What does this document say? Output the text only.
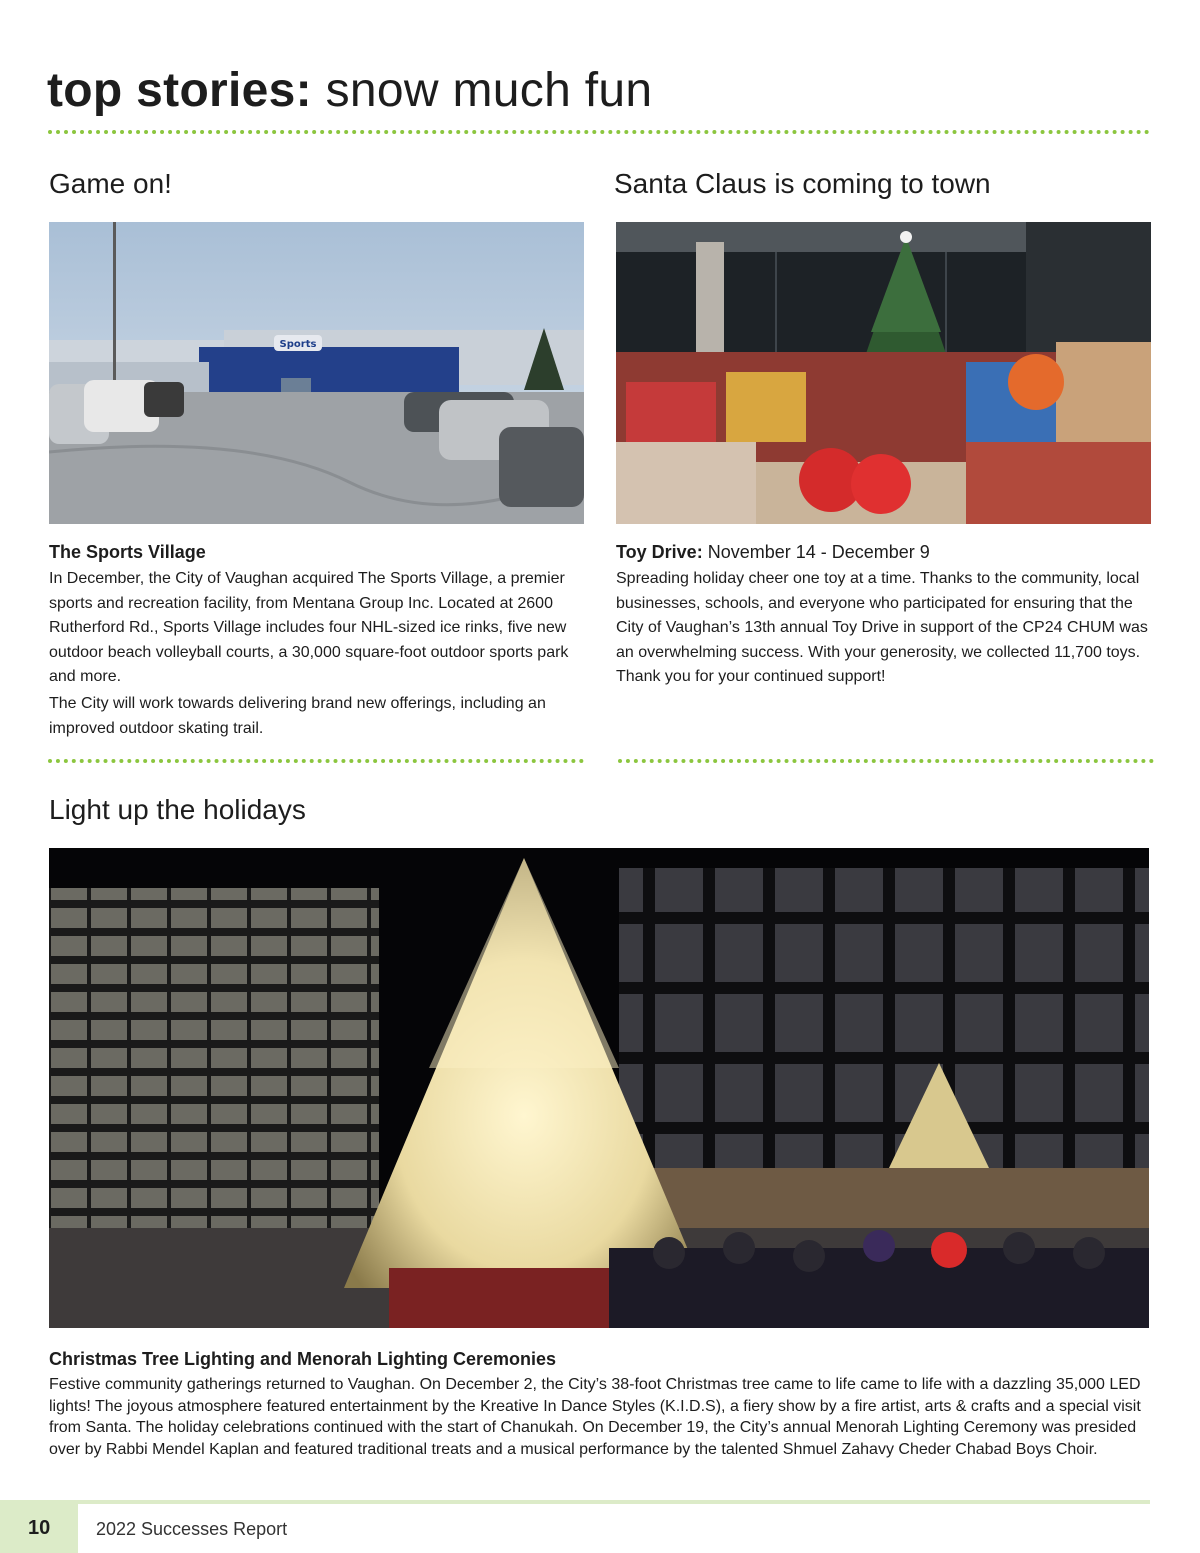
top stories: snow much fun
Game on!
Sports
The Sports Village

In December, the City of Vaughan acquired The Sports Village, a premier sports and recreation facility, from Mentana Group Inc. Located at 2600 Rutherford Rd., Sports Village includes four NHL-sized ice rinks, five new outdoor beach volleyball courts, a 30,000 square-foot outdoor sports park and more.

The City will work towards delivering brand new offerings, including an improved outdoor skating trail.

Santa Claus is coming to town
Toy Drive: November 14 - December 9

Spreading holiday cheer one toy at a time. Thanks to the community, local businesses, schools, and everyone who participated for ensuring that the City of Vaughan’s 13th annual Toy Drive in support of the CP24 CHUM was an overwhelming success. With your generosity, we collected 11,700 toys. Thank you for your continued support!

Light up the holidays
Christmas Tree Lighting and Menorah Lighting Ceremonies

Festive community gatherings returned to Vaughan. On December 2, the City’s 38-foot Christmas tree came to life came to life with a dazzling 35,000 LED lights! The joyous atmosphere featured entertainment by the Kreative In Dance Styles (K.I.D.S), a fiery show by a fire artist, arts & crafts and a special visit from Santa. The holiday celebrations continued with the start of Chanukah. On December 19, the City’s annual Menorah Lighting Ceremony was presided over by Rabbi Mendel Kaplan and featured traditional treats and a musical performance by the talented Shmuel Zahavy Cheder Chabad Boys Choir.

10	2022 Successes Report
